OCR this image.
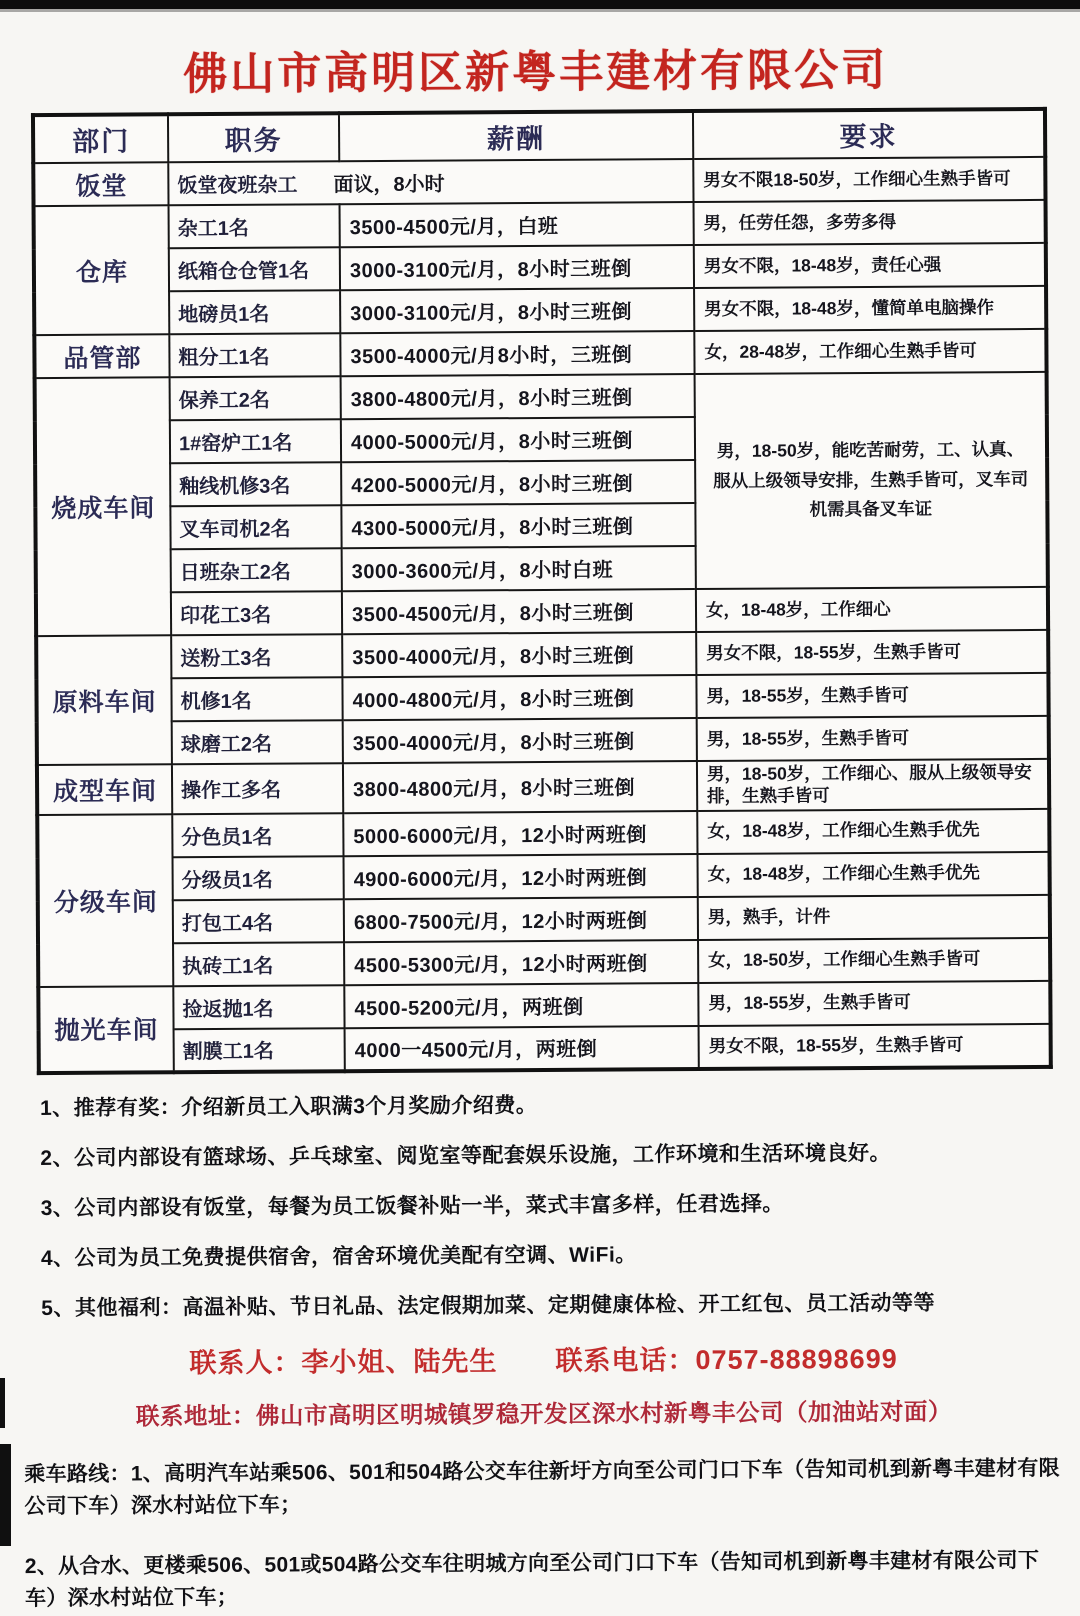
佛山市高明区新粤丰建材有限公司
部门	职务	薪酬	要求
饭堂	饭堂夜班杂工 面议，8小时		男女不限18-50岁，工作细心生熟手皆可
仓库	杂工1名	3500-4500元/月，白班	男，任劳任怨，多劳多得
	纸箱仓仓管1名	3000-3100元/月，8小时三班倒	男女不限，18-48岁，责任心强
	地磅员1名	3000-3100元/月，8小时三班倒	男女不限，18-48岁，懂简单电脑操作
品管部	粗分工1名	3500-4000元/月8小时，三班倒	女，28-48岁，工作细心生熟手皆可
烧成车间	保养工2名	3800-4800元/月，8小时三班倒	男，18-50岁，能吃苦耐劳，工、认真、服从上级领导安排，生熟手皆可，叉车司机需具备叉车证
	1#窑炉工1名	4000-5000元/月，8小时三班倒	
	釉线机修3名	4200-5000元/月，8小时三班倒	
	叉车司机2名	4300-5000元/月，8小时三班倒	
	日班杂工2名	3000-3600元/月，8小时白班	
	印花工3名	3500-4500元/月，8小时三班倒	女，18-48岁，工作细心
原料车间	送粉工3名	3500-4000元/月，8小时三班倒	男女不限，18-55岁，生熟手皆可
	机修1名	4000-4800元/月，8小时三班倒	男，18-55岁，生熟手皆可
	球磨工2名	3500-4000元/月，8小时三班倒	男，18-55岁，生熟手皆可
成型车间	操作工多名	3800-4800元/月，8小时三班倒	男，18-50岁，工作细心、服从上级领导安排，生熟手皆可
分级车间	分色员1名	5000-6000元/月，12小时两班倒	女，18-48岁，工作细心生熟手优先
	分级员1名	4900-6000元/月，12小时两班倒	女，18-48岁，工作细心生熟手优先
	打包工4名	6800-7500元/月，12小时两班倒	男，熟手，计件
	执砖工1名	4500-5300元/月，12小时两班倒	女，18-50岁，工作细心生熟手皆可
抛光车间	捡返抛1名	4500-5200元/月，两班倒	男，18-55岁，生熟手皆可
	割膜工1名	4000一4500元/月，两班倒	男女不限，18-55岁，生熟手皆可
1、推荐有奖：介绍新员工入职满3个月奖励介绍费。
2、公司内部设有篮球场、乒乓球室、阅览室等配套娱乐设施，工作环境和生活环境良好。
3、公司内部设有饭堂，每餐为员工饭餐补贴一半，菜式丰富多样，任君选择。
4、公司为员工免费提供宿舍，宿舍环境优美配有空调、WiFi。
5、其他福利：高温补贴、节日礼品、法定假期加菜、定期健康体检、开工红包、员工活动等等
联系人：李小姐、陆先生 联系电话：0757-88898699
联系地址：佛山市高明区明城镇罗稳开发区深水村新粤丰公司（加油站对面）
乘车路线：1、高明汽车站乘506、501和504路公交车往新圩方向至公司门口下车（告知司机到新粤丰建材有限公司下车）深水村站位下车；
2、从合水、更楼乘506、501或504路公交车往明城方向至公司门口下车（告知司机到新粤丰建材有限公司下车）深水村站位下车；
